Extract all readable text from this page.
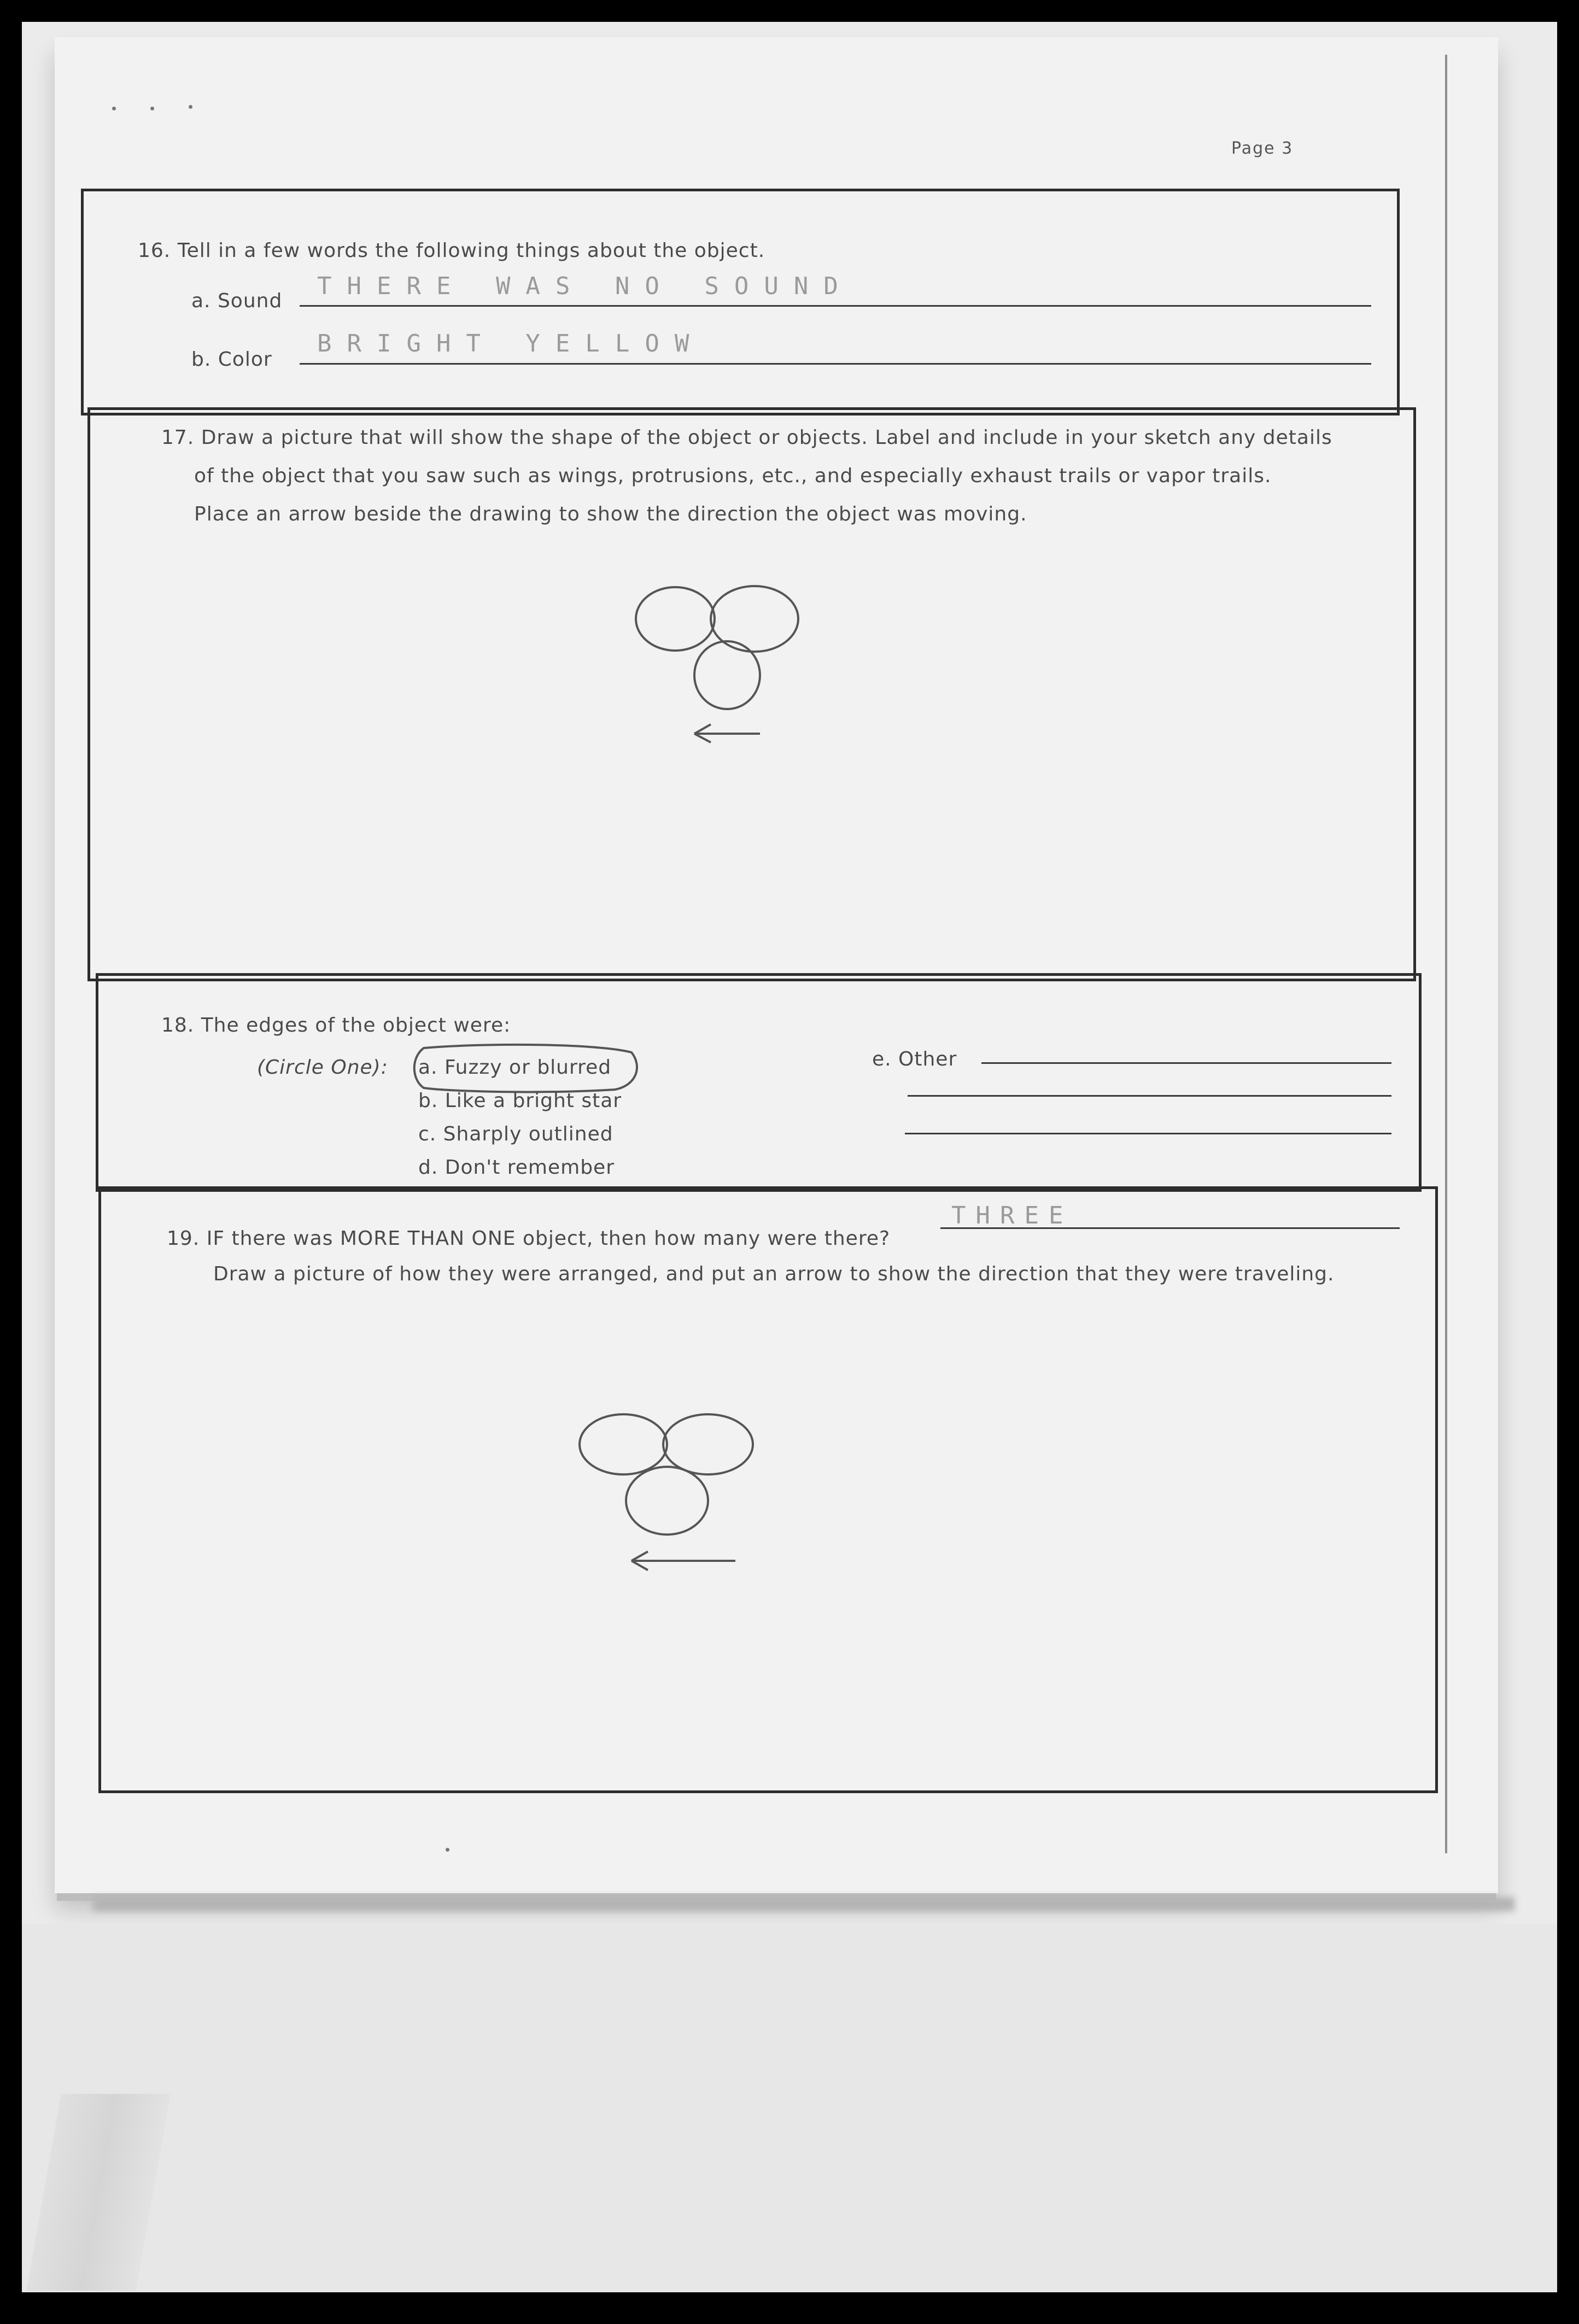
Page 3
16. Tell in a few words the following things about the object.
a. Sound
THERE WAS NO SOUND
b. Color
BRIGHT YELLOW
17. Draw a picture that will show the shape of the object or objects. Label and include in your sketch any details
of the object that you saw such as wings, protrusions, etc., and especially exhaust trails or vapor trails.
Place an arrow beside the drawing to show the direction the object was moving.
18. The edges of the object were:
(Circle One): a. Fuzzy or blurred
b. Like a bright star
c. Sharply outlined
d. Don't remember
e. Other
19. IF there was MORE THAN ONE object, then how many were there?
THREE
Draw a picture of how they were arranged, and put an arrow to show the direction that they were traveling.
